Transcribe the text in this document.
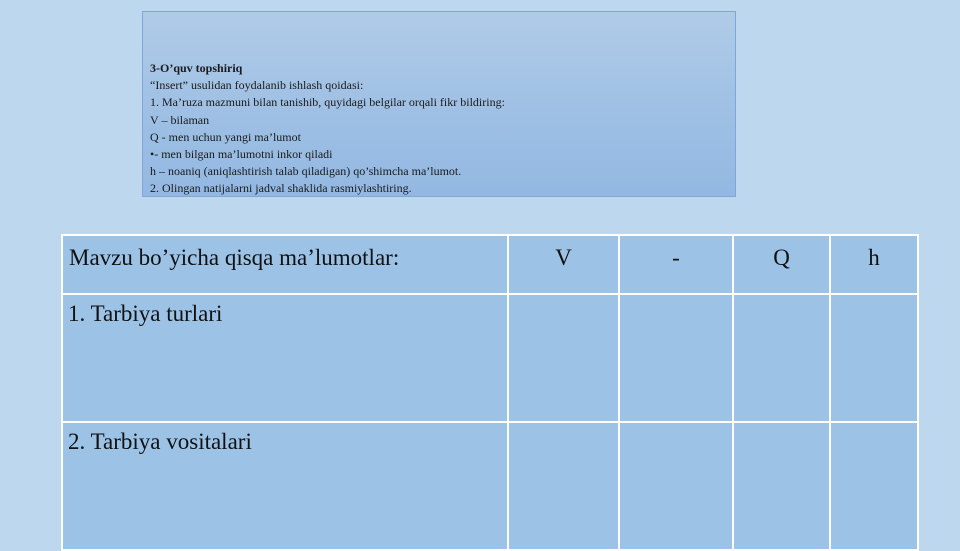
3-O’quv topshiriq
“Insert” usulidan foydalanib ishlash qoidasi:
1. Ma’ruza mazmuni bilan tanishib, quyidagi belgilar orqali fikr bildiring:
V – bilaman
Q - men uchun yangi ma’lumot
•- men bilgan ma’lumotni inkor qiladi
h – noaniq (aniqlashtirish talab qiladigan) qo’shimcha ma’lumot.
2. Olingan natijalarni jadval shaklida rasmiylashtiring.
Mavzu bo’yicha qisqa ma’lumotlar:	V	-	Q	h
1. Tarbiya turlari				
2. Tarbiya vositalari				
